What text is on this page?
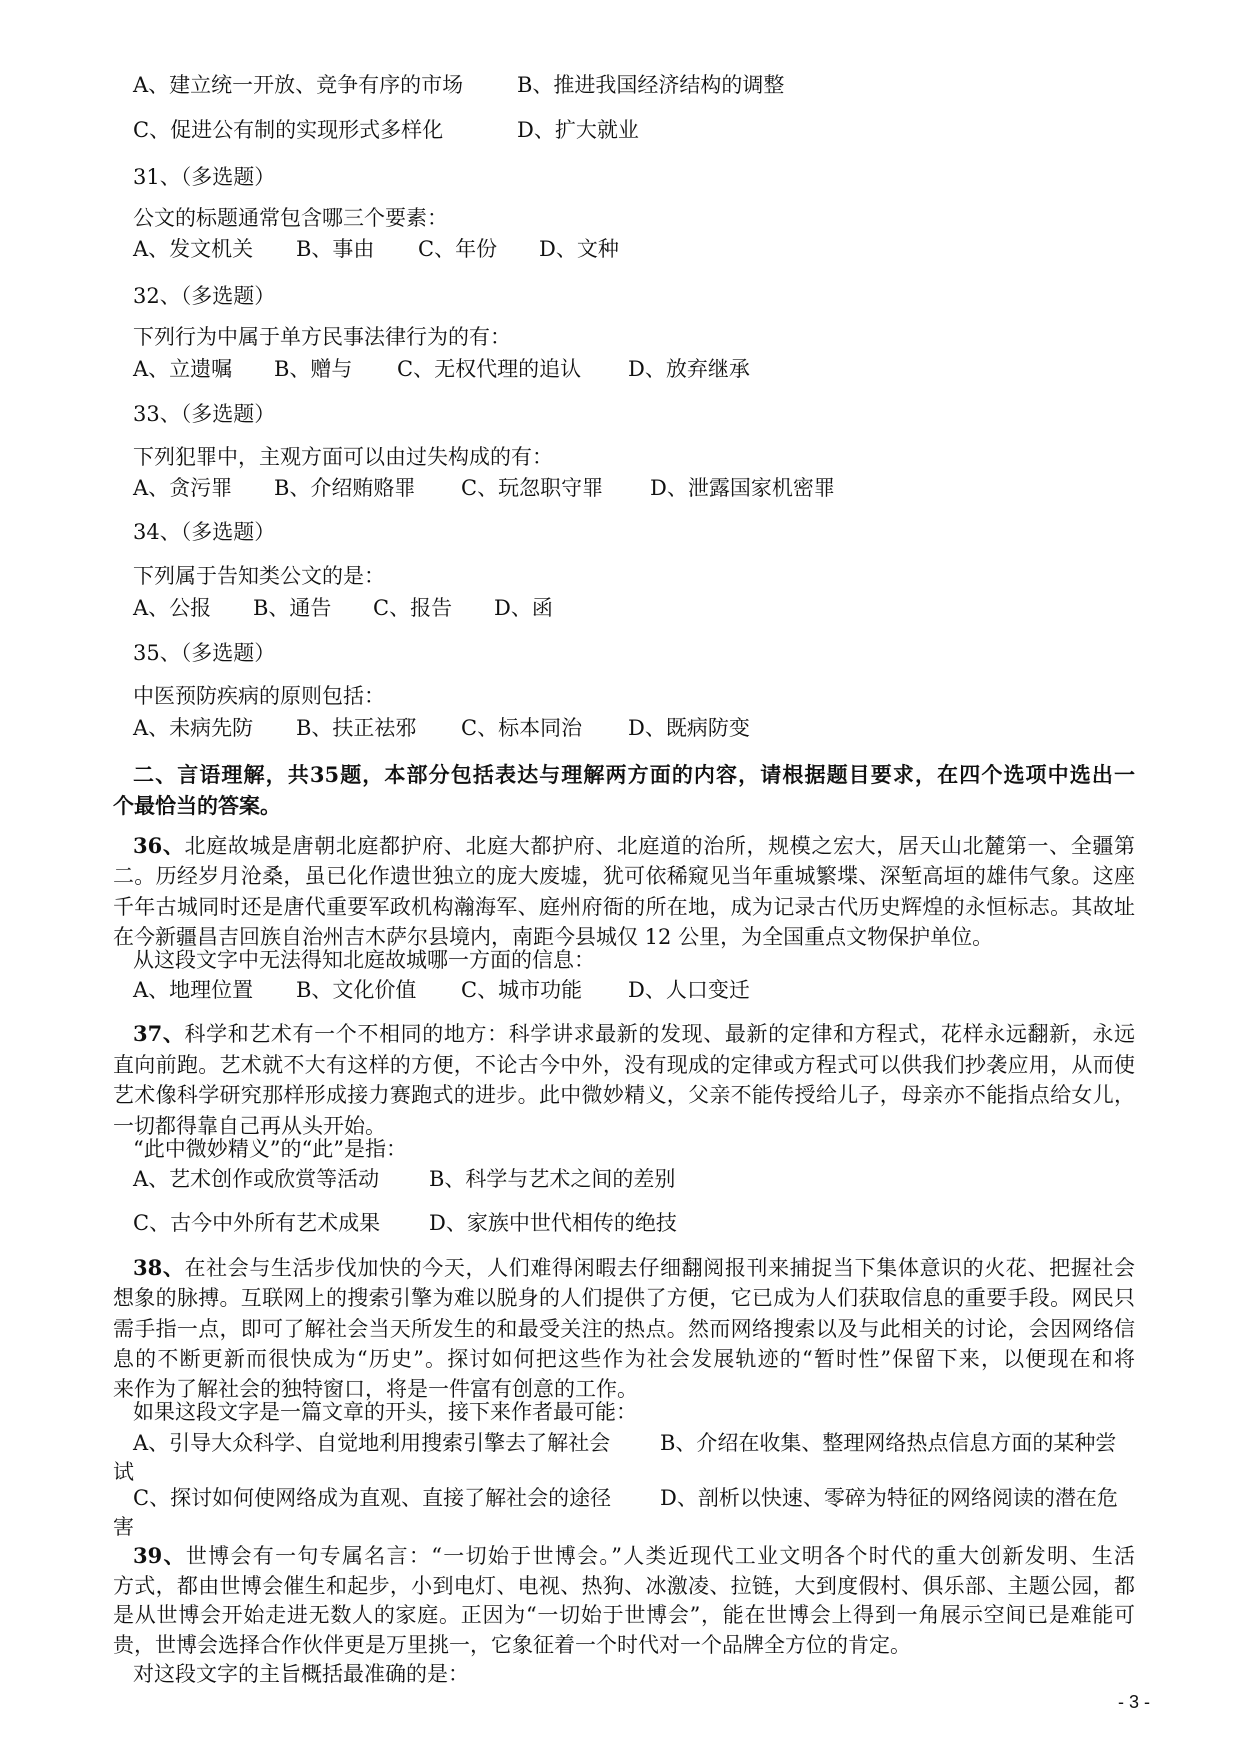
A、建立统一开放、竞争有序的市场	B、推进我国经济结构的调整
C、促进公有制的实现形式多样化	D、扩大就业
31、（多选题）
公文的标题通常包含哪三个要素：
A、发文机关 B、事由 C、年份 D、文种
32、（多选题）
下列行为中属于单方民事法律行为的有：
A、立遗嘱 B、赠与 C、无权代理的追认 D、放弃继承
33、（多选题）
下列犯罪中，主观方面可以由过失构成的有：
A、贪污罪 B、介绍贿赂罪 C、玩忽职守罪 D、泄露国家机密罪
34、（多选题）
下列属于告知类公文的是：
A、公报 B、通告 C、报告 D、函
35、（多选题）
中医预防疾病的原则包括：
A、未病先防 B、扶正祛邪 C、标本同治 D、既病防变
二、言语理解，共35题，本部分包括表达与理解两方面的内容，请根据题目要求，在四个选项中选出一
个最恰当的答案。
36、北庭故城是唐朝北庭都护府、北庭大都护府、北庭道的治所，规模之宏大，居天山北麓第一、全疆第
二。历经岁月沧桑，虽已化作遗世独立的庞大废墟，犹可依稀窥见当年重城繁堞、深堑高垣的雄伟气象。这座
千年古城同时还是唐代重要军政机构瀚海军、庭州府衙的所在地，成为记录古代历史辉煌的永恒标志。其故址
在今新疆昌吉回族自治州吉木萨尔县境内，南距今县城仅 12 公里，为全国重点文物保护单位。
从这段文字中无法得知北庭故城哪一方面的信息：
A、地理位置 B、文化价值 C、城市功能 D、人口变迁
37、科学和艺术有一个不相同的地方：科学讲求最新的发现、最新的定律和方程式，花样永远翻新，永远
直向前跑。艺术就不大有这样的方便，不论古今中外，没有现成的定律或方程式可以供我们抄袭应用，从而使
艺术像科学研究那样形成接力赛跑式的进步。此中微妙精义，父亲不能传授给儿子，母亲亦不能指点给女儿，
一切都得靠自己再从头开始。
“此中微妙精义”的“此”是指：
A、艺术创作或欣赏等活动 B、科学与艺术之间的差别
C、古今中外所有艺术成果 D、家族中世代相传的绝技
38、在社会与生活步伐加快的今天，人们难得闲暇去仔细翻阅报刊来捕捉当下集体意识的火花、把握社会
想象的脉搏。互联网上的搜索引擎为难以脱身的人们提供了方便，它已成为人们获取信息的重要手段。网民只
需手指一点，即可了解社会当天所发生的和最受关注的热点。然而网络搜索以及与此相关的讨论，会因网络信
息的不断更新而很快成为“历史”。探讨如何把这些作为社会发展轨迹的“暂时性”保留下来，以便现在和将
来作为了解社会的独特窗口，将是一件富有创意的工作。
如果这段文字是一篇文章的开头，接下来作者最可能：
A、引导大众科学、自觉地利用搜索引擎去了解社会 B、介绍在收集、整理网络热点信息方面的某种尝
试
C、探讨如何使网络成为直观、直接了解社会的途径 D、剖析以快速、零碎为特征的网络阅读的潜在危
害
39、世博会有一句专属名言：“一切始于世博会。”人类近现代工业文明各个时代的重大创新发明、生活
方式，都由世博会催生和起步，小到电灯、电视、热狗、冰激凌、拉链，大到度假村、俱乐部、主题公园，都
是从世博会开始走进无数人的家庭。正因为“一切始于世博会”，能在世博会上得到一角展示空间已是难能可
贵，世博会选择合作伙伴更是万里挑一，它象征着一个时代对一个品牌全方位的肯定。
对这段文字的主旨概括最准确的是：
- 3 -
